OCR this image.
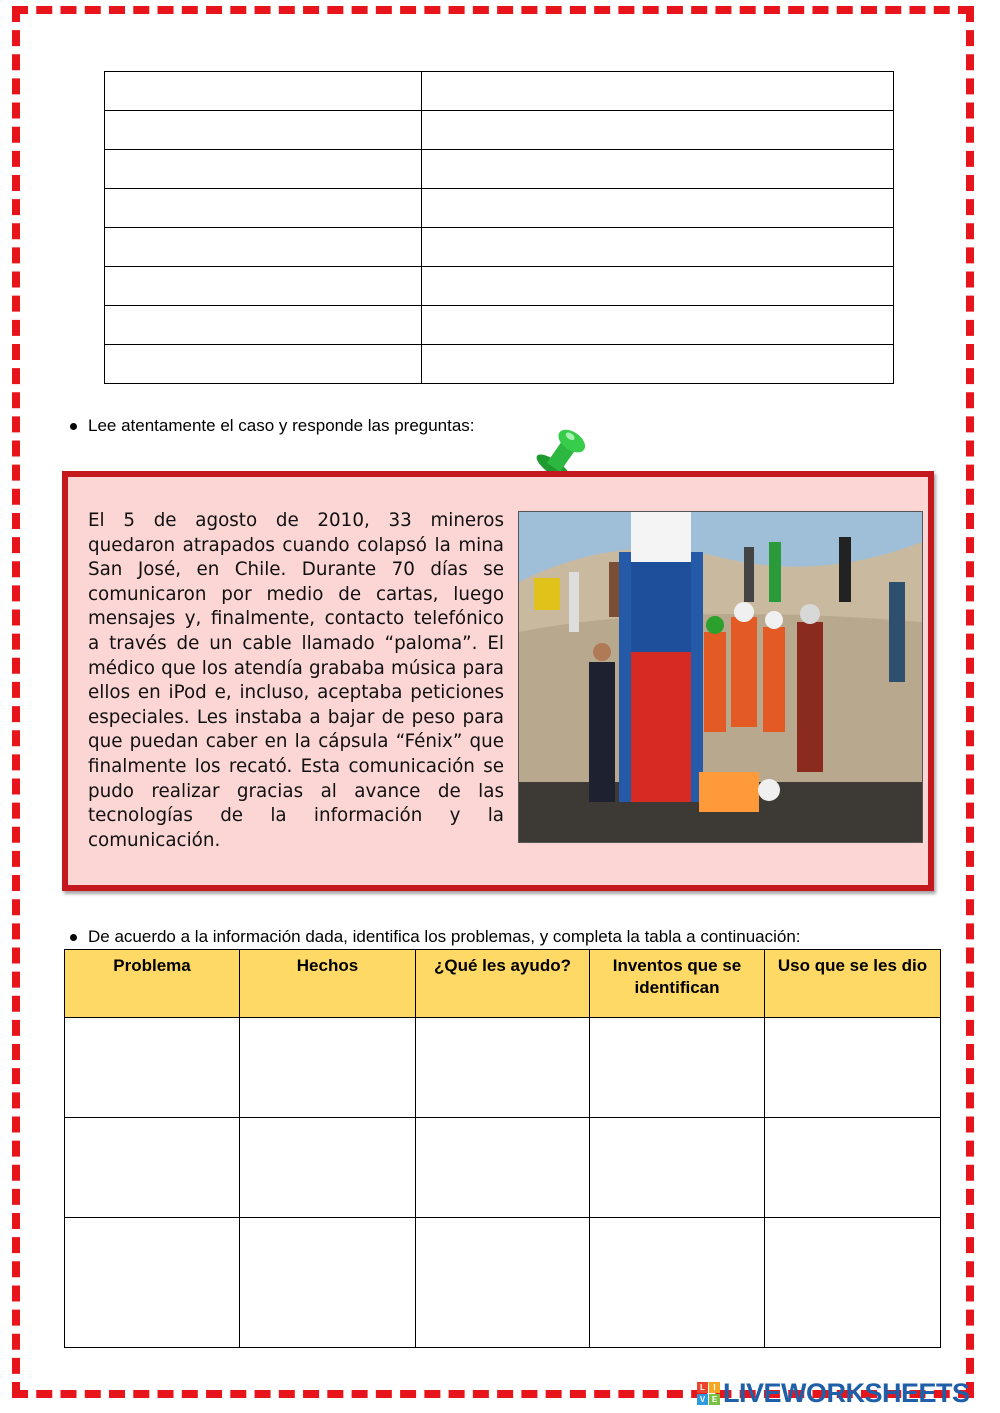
Lee atentamente el caso y responde las preguntas:

El 5 de agosto de 2010, 33 mineros quedaron atrapados cuando colapsó la mina San José, en Chile. Durante 70 días se comunicaron por medio de cartas, luego mensajes y, finalmente, contacto telefónico a través de un cable llamado “paloma”. El médico que los atendía grababa música para ellos en iPod e, incluso, aceptaba peticiones especiales. Les instaba a bajar de peso para que puedan caber en la cápsula “Fénix” que finalmente los recató. Esta comunicación se pudo realizar gracias al avance de las tecnologías de la información y la comunicación.

De acuerdo a la información dada, identifica los problemas, y completa la tabla a continuación:
Problema	Hechos	¿Qué les ayudo?	Inventos que se identifican	Uso que se les dio

L	I
V E LIVEWORKSHEETS
